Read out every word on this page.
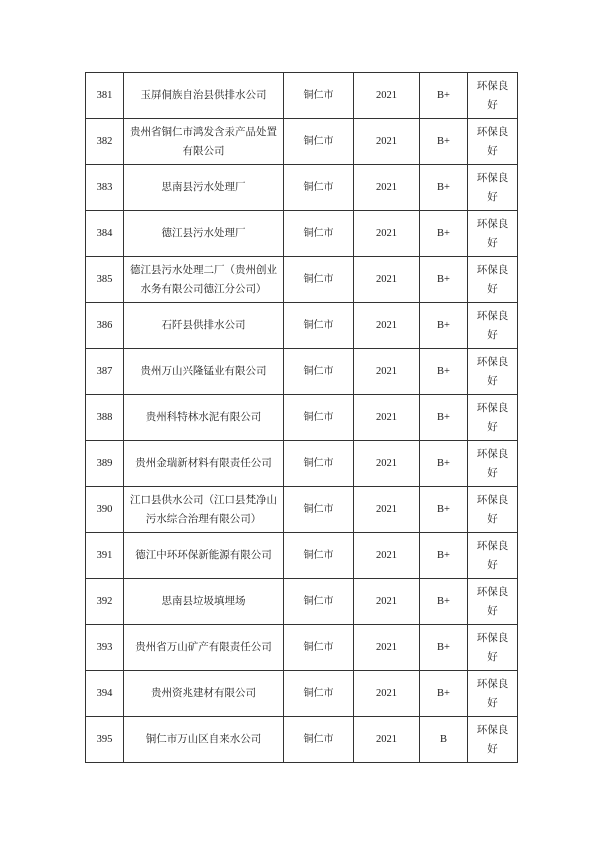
381	玉屏侗族自治县供排水公司	铜仁市	2021	B+	环保良好

382	贵州省铜仁市鸿发含汞产品处置有限公司	铜仁市	2021	B+	环保良好

383	思南县污水处理厂	铜仁市	2021	B+	环保良好

384	德江县污水处理厂	铜仁市	2021	B+	环保良好

385	德江县污水处理二厂（贵州创业水务有限公司德江分公司）	铜仁市	2021	B+	环保良好

386	石阡县供排水公司	铜仁市	2021	B+	环保良好

387	贵州万山兴隆锰业有限公司	铜仁市	2021	B+	环保良好

388	贵州科特林水泥有限公司	铜仁市	2021	B+	环保良好

389	贵州金瑞新材料有限责任公司	铜仁市	2021	B+	环保良好

390	江口县供水公司（江口县梵净山污水综合治理有限公司）	铜仁市	2021	B+	环保良好

391	德江中环环保新能源有限公司	铜仁市	2021	B+	环保良好

392	思南县垃圾填埋场	铜仁市	2021	B+	环保良好

393	贵州省万山矿产有限责任公司	铜仁市	2021	B+	环保良好

394	贵州资兆建材有限公司	铜仁市	2021	B+	环保良好

395	铜仁市万山区自来水公司	铜仁市	2021	B	环保良好
